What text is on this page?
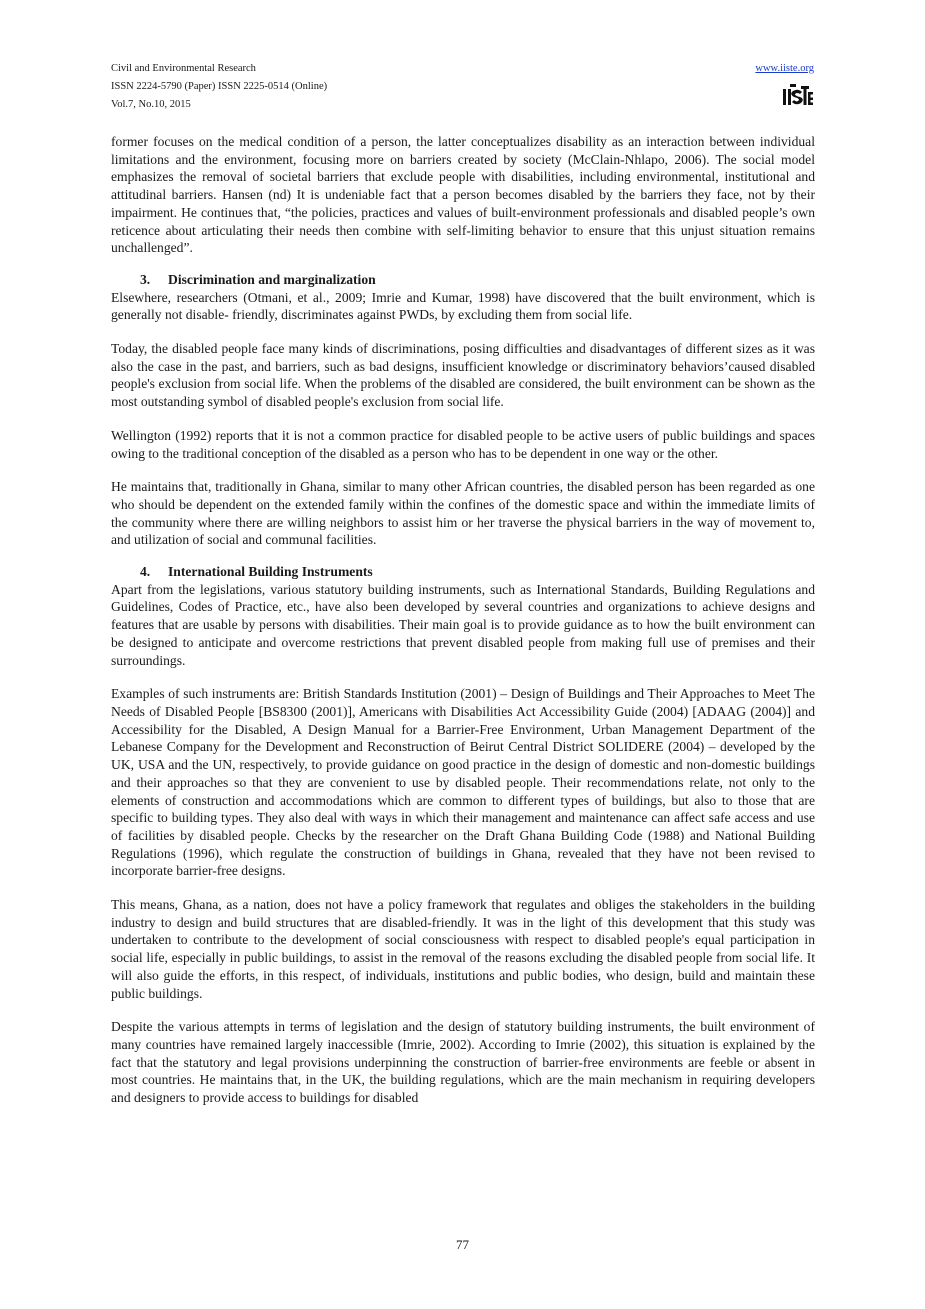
Civil and Environmental Research
ISSN 2224-5790 (Paper) ISSN 2225-0514 (Online)
Vol.7, No.10, 2015
www.iiste.org

former focuses on the medical condition of a person, the latter conceptualizes disability as an interaction between individual limitations and the environment, focusing more on barriers created by society (McClain-Nhlapo, 2006). The social model emphasizes the removal of societal barriers that exclude people with disabilities, including environmental, institutional and attitudinal barriers. Hansen (nd) It is undeniable fact that a person becomes disabled by the barriers they face, not by their impairment. He continues that, “the policies, practices and values of built-environment professionals and disabled people’s own reticence about articulating their needs then combine with self-limiting behavior to ensure that this unjust situation remains unchallenged”.

3. Discrimination and marginalization

Elsewhere, researchers (Otmani, et al., 2009; Imrie and Kumar, 1998) have discovered that the built environment, which is generally not disable- friendly, discriminates against PWDs, by excluding them from social life.

Today, the disabled people face many kinds of discriminations, posing difficulties and disadvantages of different sizes as it was also the case in the past, and barriers, such as bad designs, insufficient knowledge or discriminatory behaviors’caused disabled people's exclusion from social life. When the problems of the disabled are considered, the built environment can be shown as the most outstanding symbol of disabled people's exclusion from social life.

Wellington (1992) reports that it is not a common practice for disabled people to be active users of public buildings and spaces owing to the traditional conception of the disabled as a person who has to be dependent in one way or the other.

He maintains that, traditionally in Ghana, similar to many other African countries, the disabled person has been regarded as one who should be dependent on the extended family within the confines of the domestic space and within the immediate limits of the community where there are willing neighbors to assist him or her traverse the physical barriers in the way of movement to, and utilization of social and communal facilities.

4. International Building Instruments

Apart from the legislations, various statutory building instruments, such as International Standards, Building Regulations and Guidelines, Codes of Practice, etc., have also been developed by several countries and organizations to achieve designs and features that are usable by persons with disabilities. Their main goal is to provide guidance as to how the built environment can be designed to anticipate and overcome restrictions that prevent disabled people from making full use of premises and their surroundings.

Examples of such instruments are: British Standards Institution (2001) – Design of Buildings and Their Approaches to Meet The Needs of Disabled People [BS8300 (2001)], Americans with Disabilities Act Accessibility Guide (2004) [ADAAG (2004)] and Accessibility for the Disabled, A Design Manual for a Barrier-Free Environment, Urban Management Department of the Lebanese Company for the Development and Reconstruction of Beirut Central District SOLIDERE (2004) – developed by the UK, USA and the UN, respectively, to provide guidance on good practice in the design of domestic and non-domestic buildings and their approaches so that they are convenient to use by disabled people. Their recommendations relate, not only to the elements of construction and accommodations which are common to different types of buildings, but also to those that are specific to building types. They also deal with ways in which their management and maintenance can affect safe access and use of facilities by disabled people. Checks by the researcher on the Draft Ghana Building Code (1988) and National Building Regulations (1996), which regulate the construction of buildings in Ghana, revealed that they have not been revised to incorporate barrier-free designs.

This means, Ghana, as a nation, does not have a policy framework that regulates and obliges the stakeholders in the building industry to design and build structures that are disabled-friendly. It was in the light of this development that this study was undertaken to contribute to the development of social consciousness with respect to disabled people's equal participation in social life, especially in public buildings, to assist in the removal of the reasons excluding the disabled people from social life. It will also guide the efforts, in this respect, of individuals, institutions and public bodies, who design, build and maintain these public buildings.

Despite the various attempts in terms of legislation and the design of statutory building instruments, the built environment of many countries have remained largely inaccessible (Imrie, 2002). According to Imrie (2002), this situation is explained by the fact that the statutory and legal provisions underpinning the construction of barrier-free environments are feeble or absent in most countries. He maintains that, in the UK, the building regulations, which are the main mechanism in requiring developers and designers to provide access to buildings for disabled

77
